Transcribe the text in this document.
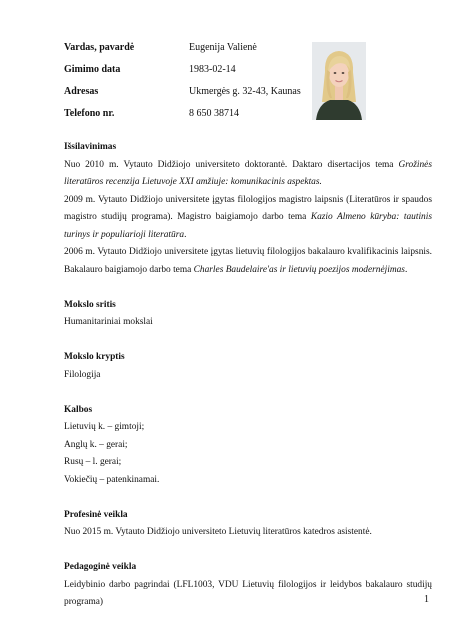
Vardas, pavardė	Eugenija Valienė
Gimimo data	1983-02-14
Adresas	Ukmergės g. 32-43, Kaunas
Telefono nr.	8 650 38714
Išsilavinimas

Nuo 2010 m. Vytauto Didžiojo universiteto doktorantė. Daktaro disertacijos tema Grožinės literatūros recenzija Lietuvoje XXI amžiuje: komunikacinis aspektas.

2009 m. Vytauto Didžiojo universitete įgytas filologijos magistro laipsnis (Literatūros ir spaudos magistro studijų programa). Magistro baigiamojo darbo tema Kazio Almeno kūryba: tautinis turinys ir populiarioji literatūra.

2006 m. Vytauto Didžiojo universitete įgytas lietuvių filologijos bakalauro kvalifikacinis laipsnis. Bakalauro baigiamojo darbo tema Charles Baudelaire'as ir lietuvių poezijos modernėjimas.

Mokslo sritis
Humanitariniai mokslai
Mokslo kryptis
Filologija
Kalbos
Lietuvių k. – gimtoji;
Anglų k. – gerai;
Rusų – l. gerai;
Vokiečių – patenkinamai.
Profesinė veikla

Nuo 2015 m. Vytauto Didžiojo universiteto Lietuvių literatūros katedros asistentė.

Pedagoginė veikla

Leidybinio darbo pagrindai (LFL1003, VDU Lietuvių filologijos ir leidybos bakalauro studijų programa)	1
